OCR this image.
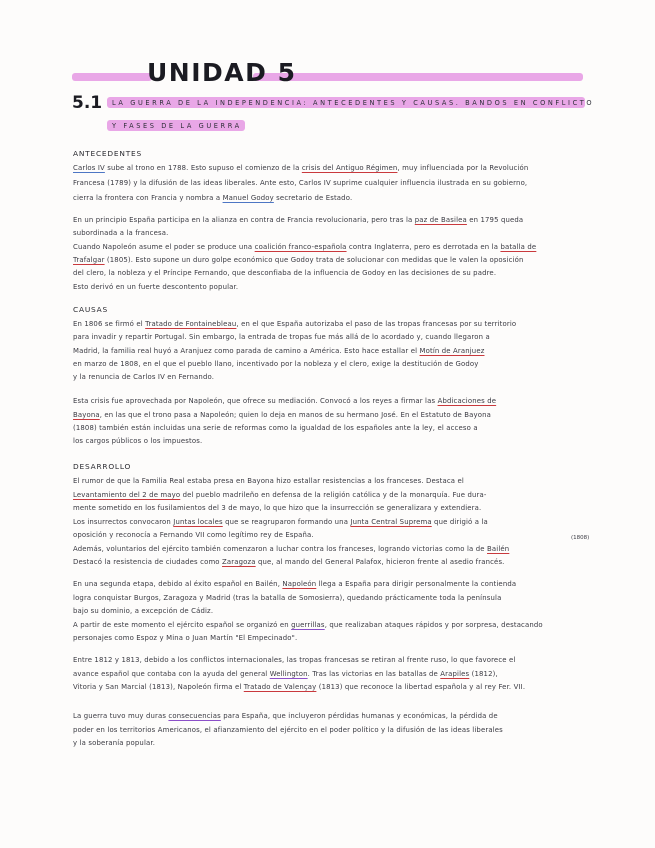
UNIDAD 5
5.1 LA GUERRA DE LA INDEPENDENCIA: ANTECEDENTES Y CAUSAS. BANDOS EN CONFLICTO
Y FASES DE LA GUERRA
ANTECEDENTES
Carlos IV sube al trono en 1788. Esto supuso el comienzo de la crisis del Antiguo Régimen, muy influenciada por la Revolución
Francesa (1789) y la difusión de las ideas liberales. Ante esto, Carlos IV suprime cualquier influencia ilustrada en su gobierno,
cierra la frontera con Francia y nombra a Manuel Godoy secretario de Estado.
En un principio España participa en la alianza en contra de Francia revolucionaria, pero tras la paz de Basilea en 1795 queda
subordinada a la francesa.
Cuando Napoleón asume el poder se produce una coalición franco-española contra Inglaterra, pero es derrotada en la batalla de
Trafalgar (1805). Esto supone un duro golpe económico que Godoy trata de solucionar con medidas que le valen la oposición
del clero, la nobleza y el Príncipe Fernando, que desconfiaba de la influencia de Godoy en las decisiones de su padre.
Esto derivó en un fuerte descontento popular.
CAUSAS
En 1806 se firmó el Tratado de Fontainebleau, en el que España autorizaba el paso de las tropas francesas por su territorio
para invadir y repartir Portugal. Sin embargo, la entrada de tropas fue más allá de lo acordado y, cuando llegaron a
Madrid, la familia real huyó a Aranjuez como parada de camino a América. Esto hace estallar el Motín de Aranjuez
en marzo de 1808, en el que el pueblo llano, incentivado por la nobleza y el clero, exige la destitución de Godoy
y la renuncia de Carlos IV en Fernando.
Esta crisis fue aprovechada por Napoleón, que ofrece su mediación. Convocó a los reyes a firmar las Abdicaciones de
Bayona, en las que el trono pasa a Napoleón; quien lo deja en manos de su hermano José. En el Estatuto de Bayona
(1808) también están incluidas una serie de reformas como la igualdad de los españoles ante la ley, el acceso a
los cargos públicos o los impuestos.
DESARROLLO
El rumor de que la Familia Real estaba presa en Bayona hizo estallar resistencias a los franceses. Destaca el
Levantamiento del 2 de mayo del pueblo madrileño en defensa de la religión católica y de la monarquía. Fue dura-
mente sometido en los fusilamientos del 3 de mayo, lo que hizo que la insurrección se generalizara y extendiera.
Los insurrectos convocaron Juntas locales que se reagruparon formando una Junta Central Suprema que dirigió a la
oposición y reconocía a Fernando VII como legítimo rey de España.
Además, voluntarios del ejército también comenzaron a luchar contra los franceses, logrando victorias como la de Bailén
Destacó la resistencia de ciudades como Zaragoza que, al mando del General Palafox, hicieron frente al asedio francés.
En una segunda etapa, debido al éxito español en Bailén, Napoleón llega a España para dirigir personalmente la contienda
logra conquistar Burgos, Zaragoza y Madrid (tras la batalla de Somosierra), quedando prácticamente toda la península
bajo su dominio, a excepción de Cádiz.
A partir de este momento el ejército español se organizó en guerrillas, que realizaban ataques rápidos y por sorpresa, destacando
personajes como Espoz y Mina o Juan Martín "El Empecinado".
Entre 1812 y 1813, debido a los conflictos internacionales, las tropas francesas se retiran al frente ruso, lo que favorece el
avance español que contaba con la ayuda del general Wellington. Tras las victorias en las batallas de Arapiles (1812),
Vitoria y San Marcial (1813), Napoleón firma el Tratado de Valençay (1813) que reconoce la libertad española y al rey Fer. VII.
La guerra tuvo muy duras consecuencias para España, que incluyeron pérdidas humanas y económicas, la pérdida de
poder en los territorios Americanos, el afianzamiento del ejército en el poder político y la difusión de las ideas liberales
y la soberanía popular.
(1808)
